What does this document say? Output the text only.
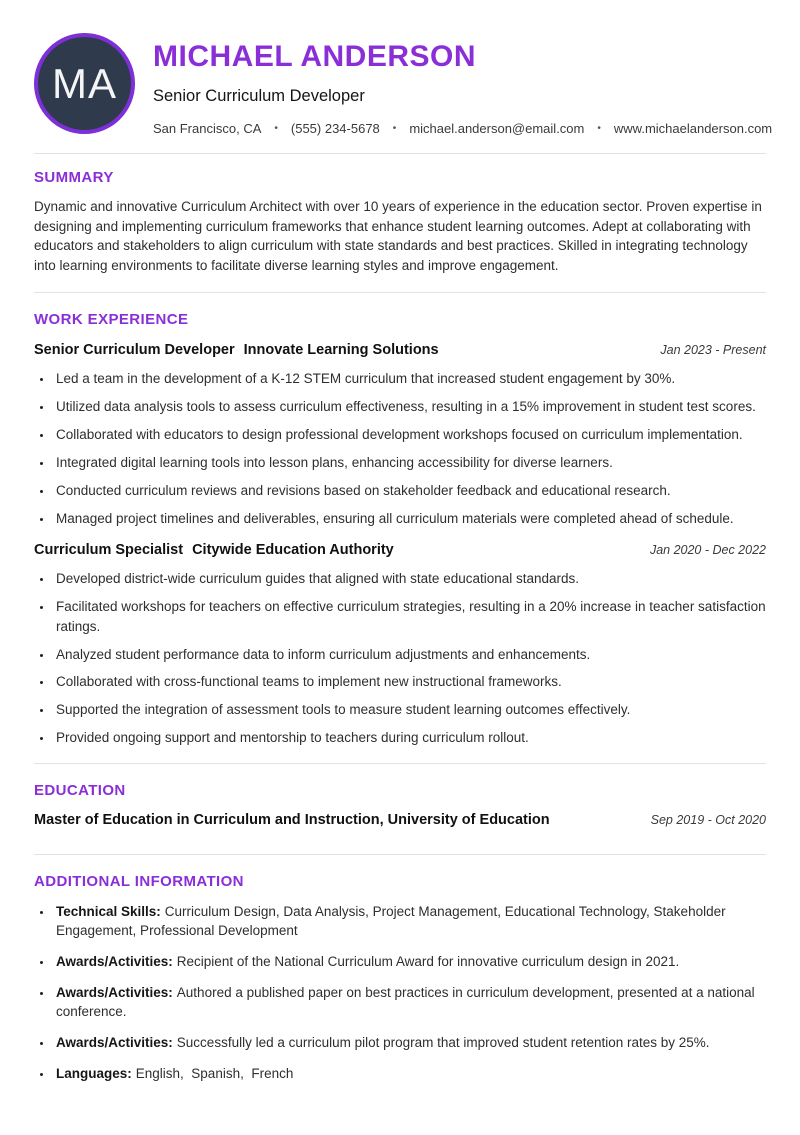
MA
MICHAEL ANDERSON
Senior Curriculum Developer
San Francisco, CA • (555) 234-5678 • michael.anderson@email.com • www.michaelanderson.com
SUMMARY

Dynamic and innovative Curriculum Architect with over 10 years of experience in the education sector. Proven expertise in designing and implementing curriculum frameworks that enhance student learning outcomes. Adept at collaborating with educators and stakeholders to align curriculum with state standards and best practices. Skilled in integrating technology into learning environments to facilitate diverse learning styles and improve engagement.

WORK EXPERIENCE
Senior Curriculum Developer Innovate Learning Solutions	Jan 2023 - Present
• Led a team in the development of a K-12 STEM curriculum that increased student engagement by 30%.
• Utilized data analysis tools to assess curriculum effectiveness, resulting in a 15% improvement in student test scores.
• Collaborated with educators to design professional development workshops focused on curriculum implementation.
• Integrated digital learning tools into lesson plans, enhancing accessibility for diverse learners.
• Conducted curriculum reviews and revisions based on stakeholder feedback and educational research.
• Managed project timelines and deliverables, ensuring all curriculum materials were completed ahead of schedule.
Curriculum Specialist Citywide Education Authority	Jan 2020 - Dec 2022
• Developed district-wide curriculum guides that aligned with state educational standards.
• Facilitated workshops for teachers on effective curriculum strategies, resulting in a 20% increase in teacher satisfaction ratings.
• Analyzed student performance data to inform curriculum adjustments and enhancements.
• Collaborated with cross-functional teams to implement new instructional frameworks.
• Supported the integration of assessment tools to measure student learning outcomes effectively.
• Provided ongoing support and mentorship to teachers during curriculum rollout.
EDUCATION
Master of Education in Curriculum and Instruction, University of Education	Sep 2019 - Oct 2020
ADDITIONAL INFORMATION
• Technical Skills: Curriculum Design, Data Analysis, Project Management, Educational Technology, Stakeholder Engagement, Professional Development
• Awards/Activities: Recipient of the National Curriculum Award for innovative curriculum design in 2021.
• Awards/Activities: Authored a published paper on best practices in curriculum development, presented at a national conference.
• Awards/Activities: Successfully led a curriculum pilot program that improved student retention rates by 25%.
• Languages: English,  Spanish,  French
